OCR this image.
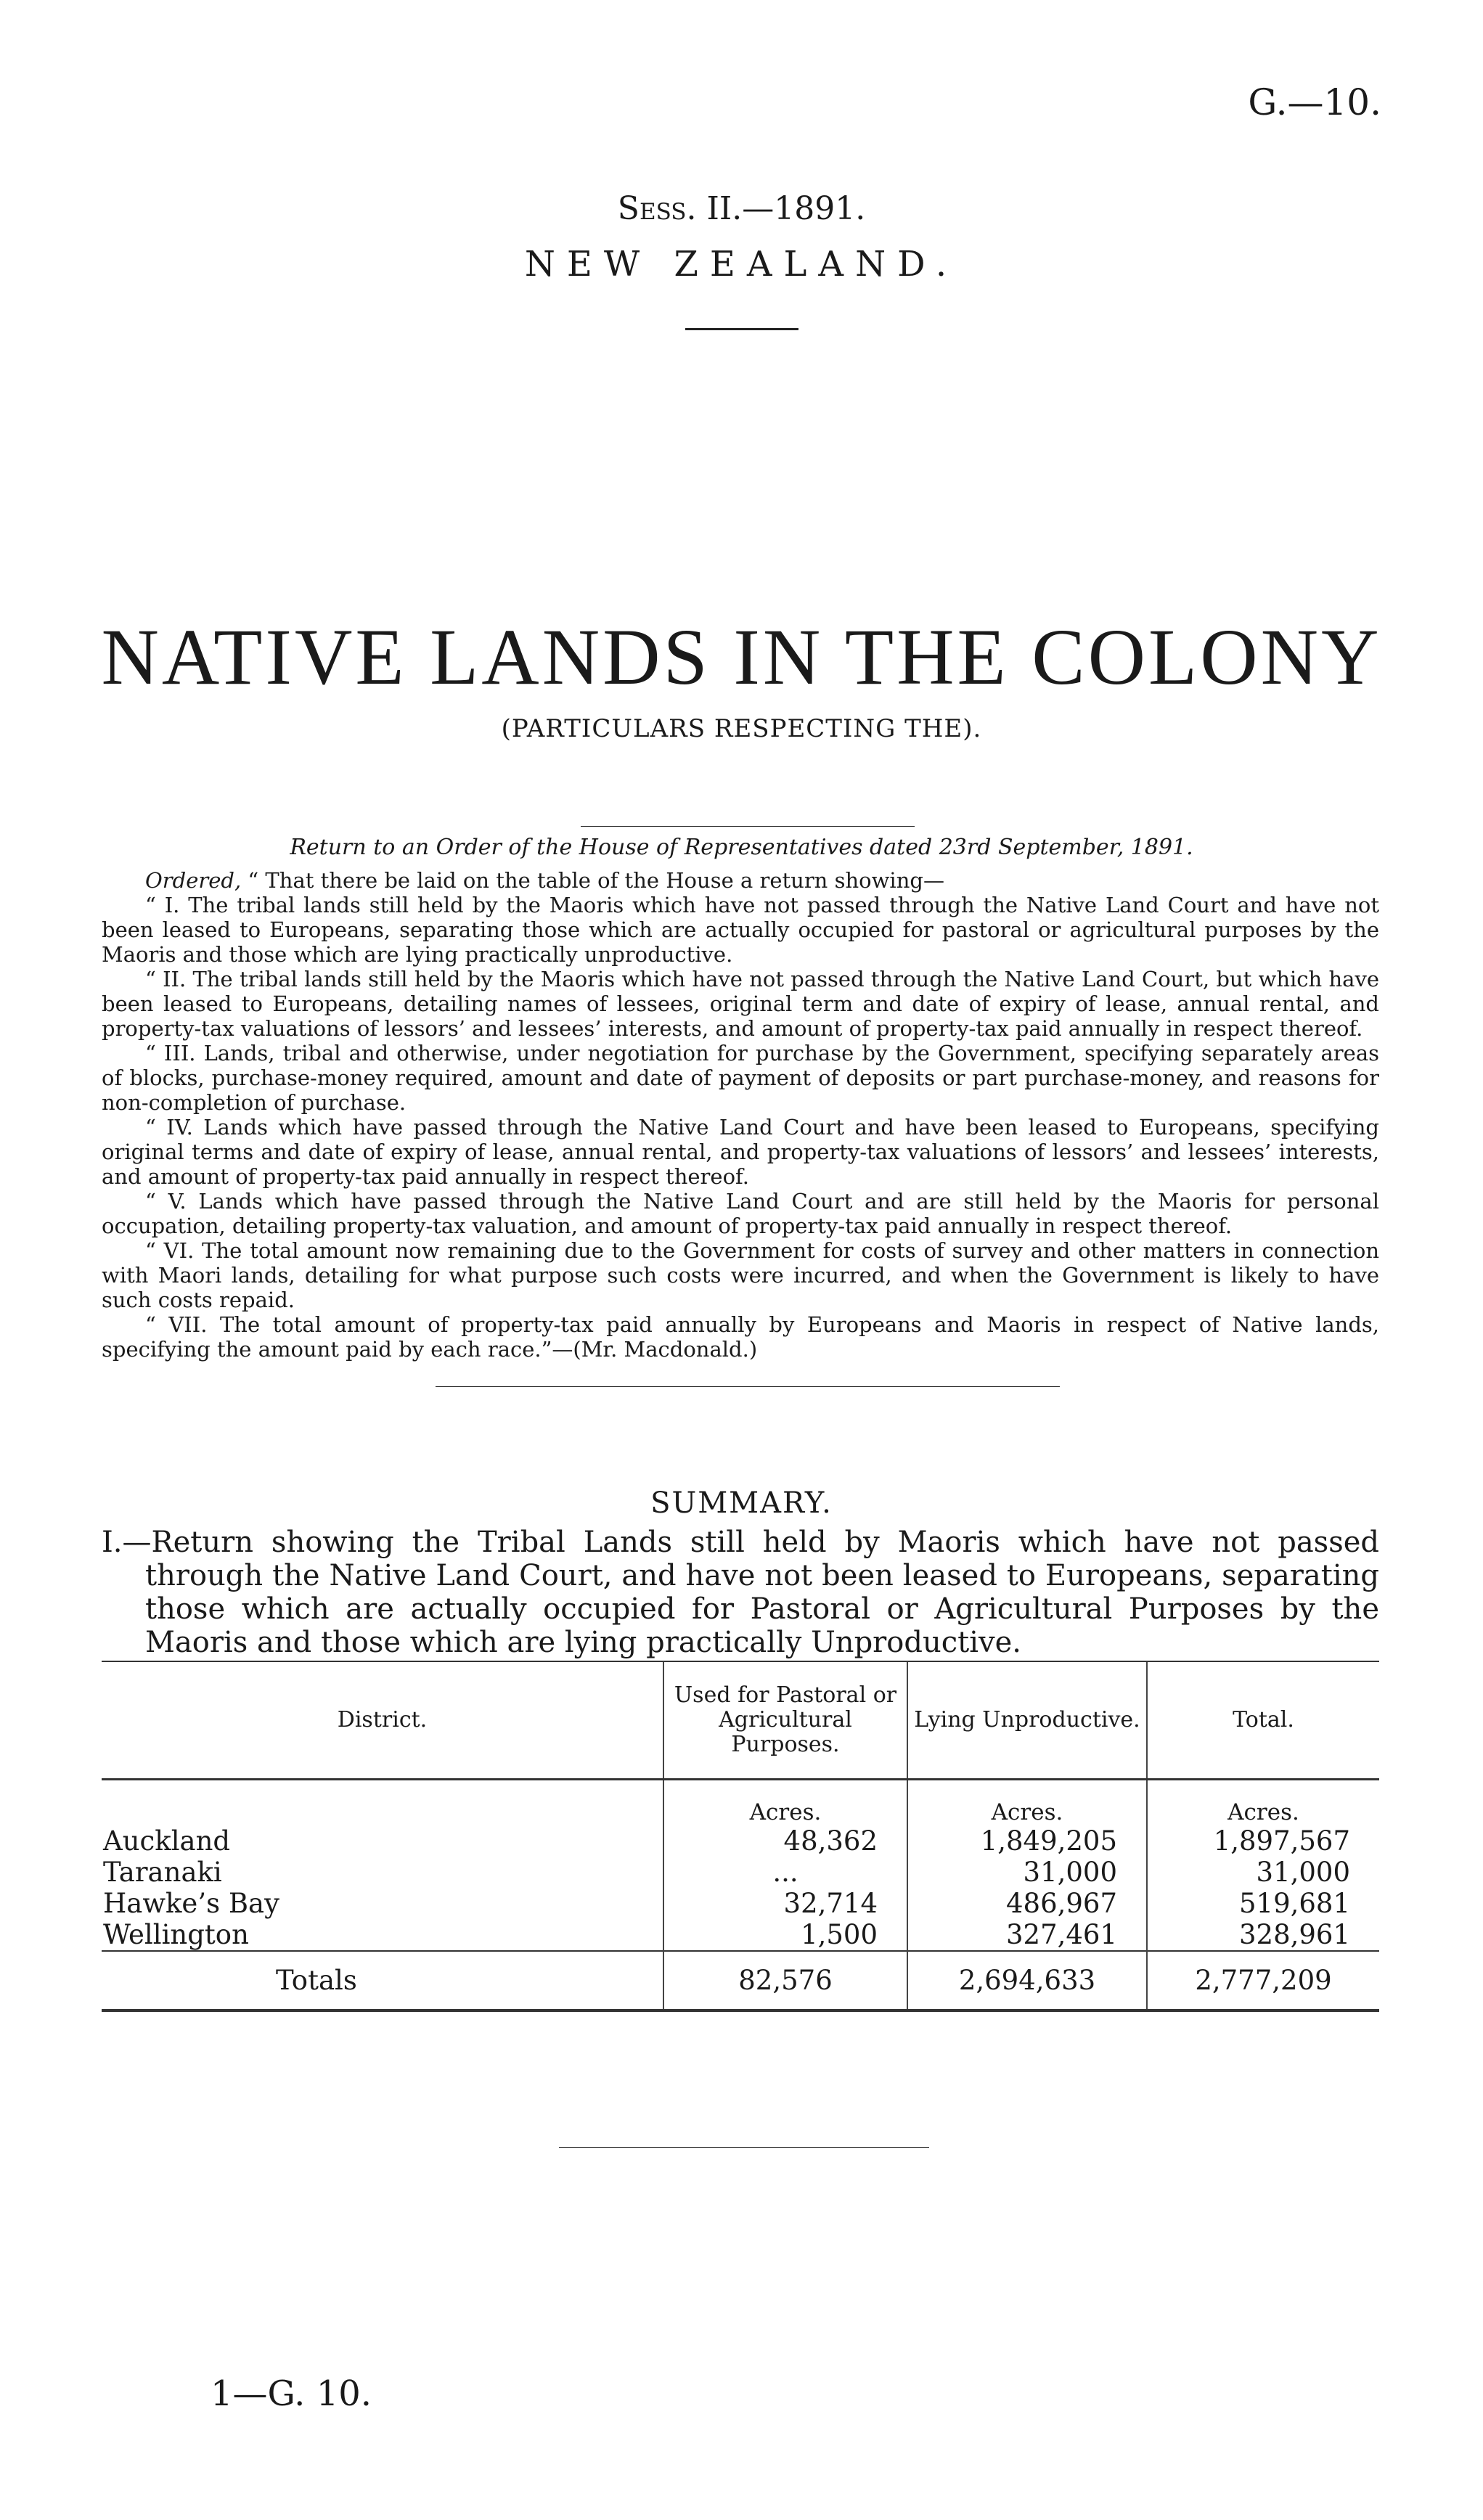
G.—10.
Sess. II.—1891.
NEW ZEALAND.
NATIVE LANDS IN THE COLONY
(PARTICULARS RESPECTING THE).
Return to an Order of the House of Representatives dated 23rd September, 1891.

Ordered, “ That there be laid on the table of the House a return showing—

“ I. The tribal lands still held by the Maoris which have not passed through the Native Land Court and have not been leased to Europeans, separating those which are actually occupied for pastoral or agricultural purposes by the Maoris and those which are lying practically unproductive.

“ II. The tribal lands still held by the Maoris which have not passed through the Native Land Court, but which have been leased to Europeans, detailing names of lessees, original term and date of expiry of lease, annual rental, and property-tax valuations of lessors’ and lessees’ interests, and amount of property-tax paid annually in respect thereof.

“ III. Lands, tribal and otherwise, under negotiation for purchase by the Government, specifying separately areas of blocks, purchase-money required, amount and date of payment of deposits or part purchase-money, and reasons for non-completion of purchase.

“ IV. Lands which have passed through the Native Land Court and have been leased to Europeans, specifying original terms and date of expiry of lease, annual rental, and property-tax valuations of lessors’ and lessees’ interests, and amount of property-tax paid annually in respect thereof.

“ V. Lands which have passed through the Native Land Court and are still held by the Maoris for personal occupation, detailing property-tax valuation, and amount of property-tax paid annually in respect thereof.

“ VI. The total amount now remaining due to the Government for costs of survey and other matters in connection with Maori lands, detailing for what purpose such costs were incurred, and when the Government is likely to have such costs repaid.

“ VII. The total amount of property-tax paid annually by Europeans and Maoris in respect of Native lands, specifying the amount paid by each race.”—(Mr. Macdonald.)

SUMMARY.
I.—Return showing the Tribal Lands still held by Maoris which have not passed through the Native Land Court, and have not been leased to Europeans, separating those which are actually occupied for Pastoral or Agricultural Purposes by the Maoris and those which are lying practically Unproductive.
District.	Used for Pastoral or Agricultural Purposes.	Lying Unproductive.	Total.
	Acres.	Acres.	Acres.
Auckland	48,362	1,849,205	1,897,567
Taranaki	...	31,000	31,000
Hawke’s Bay	32,714	486,967	519,681
Wellington	1,500	327,461	328,961
Totals	82,576	2,694,633	2,777,209
1—G. 10.
